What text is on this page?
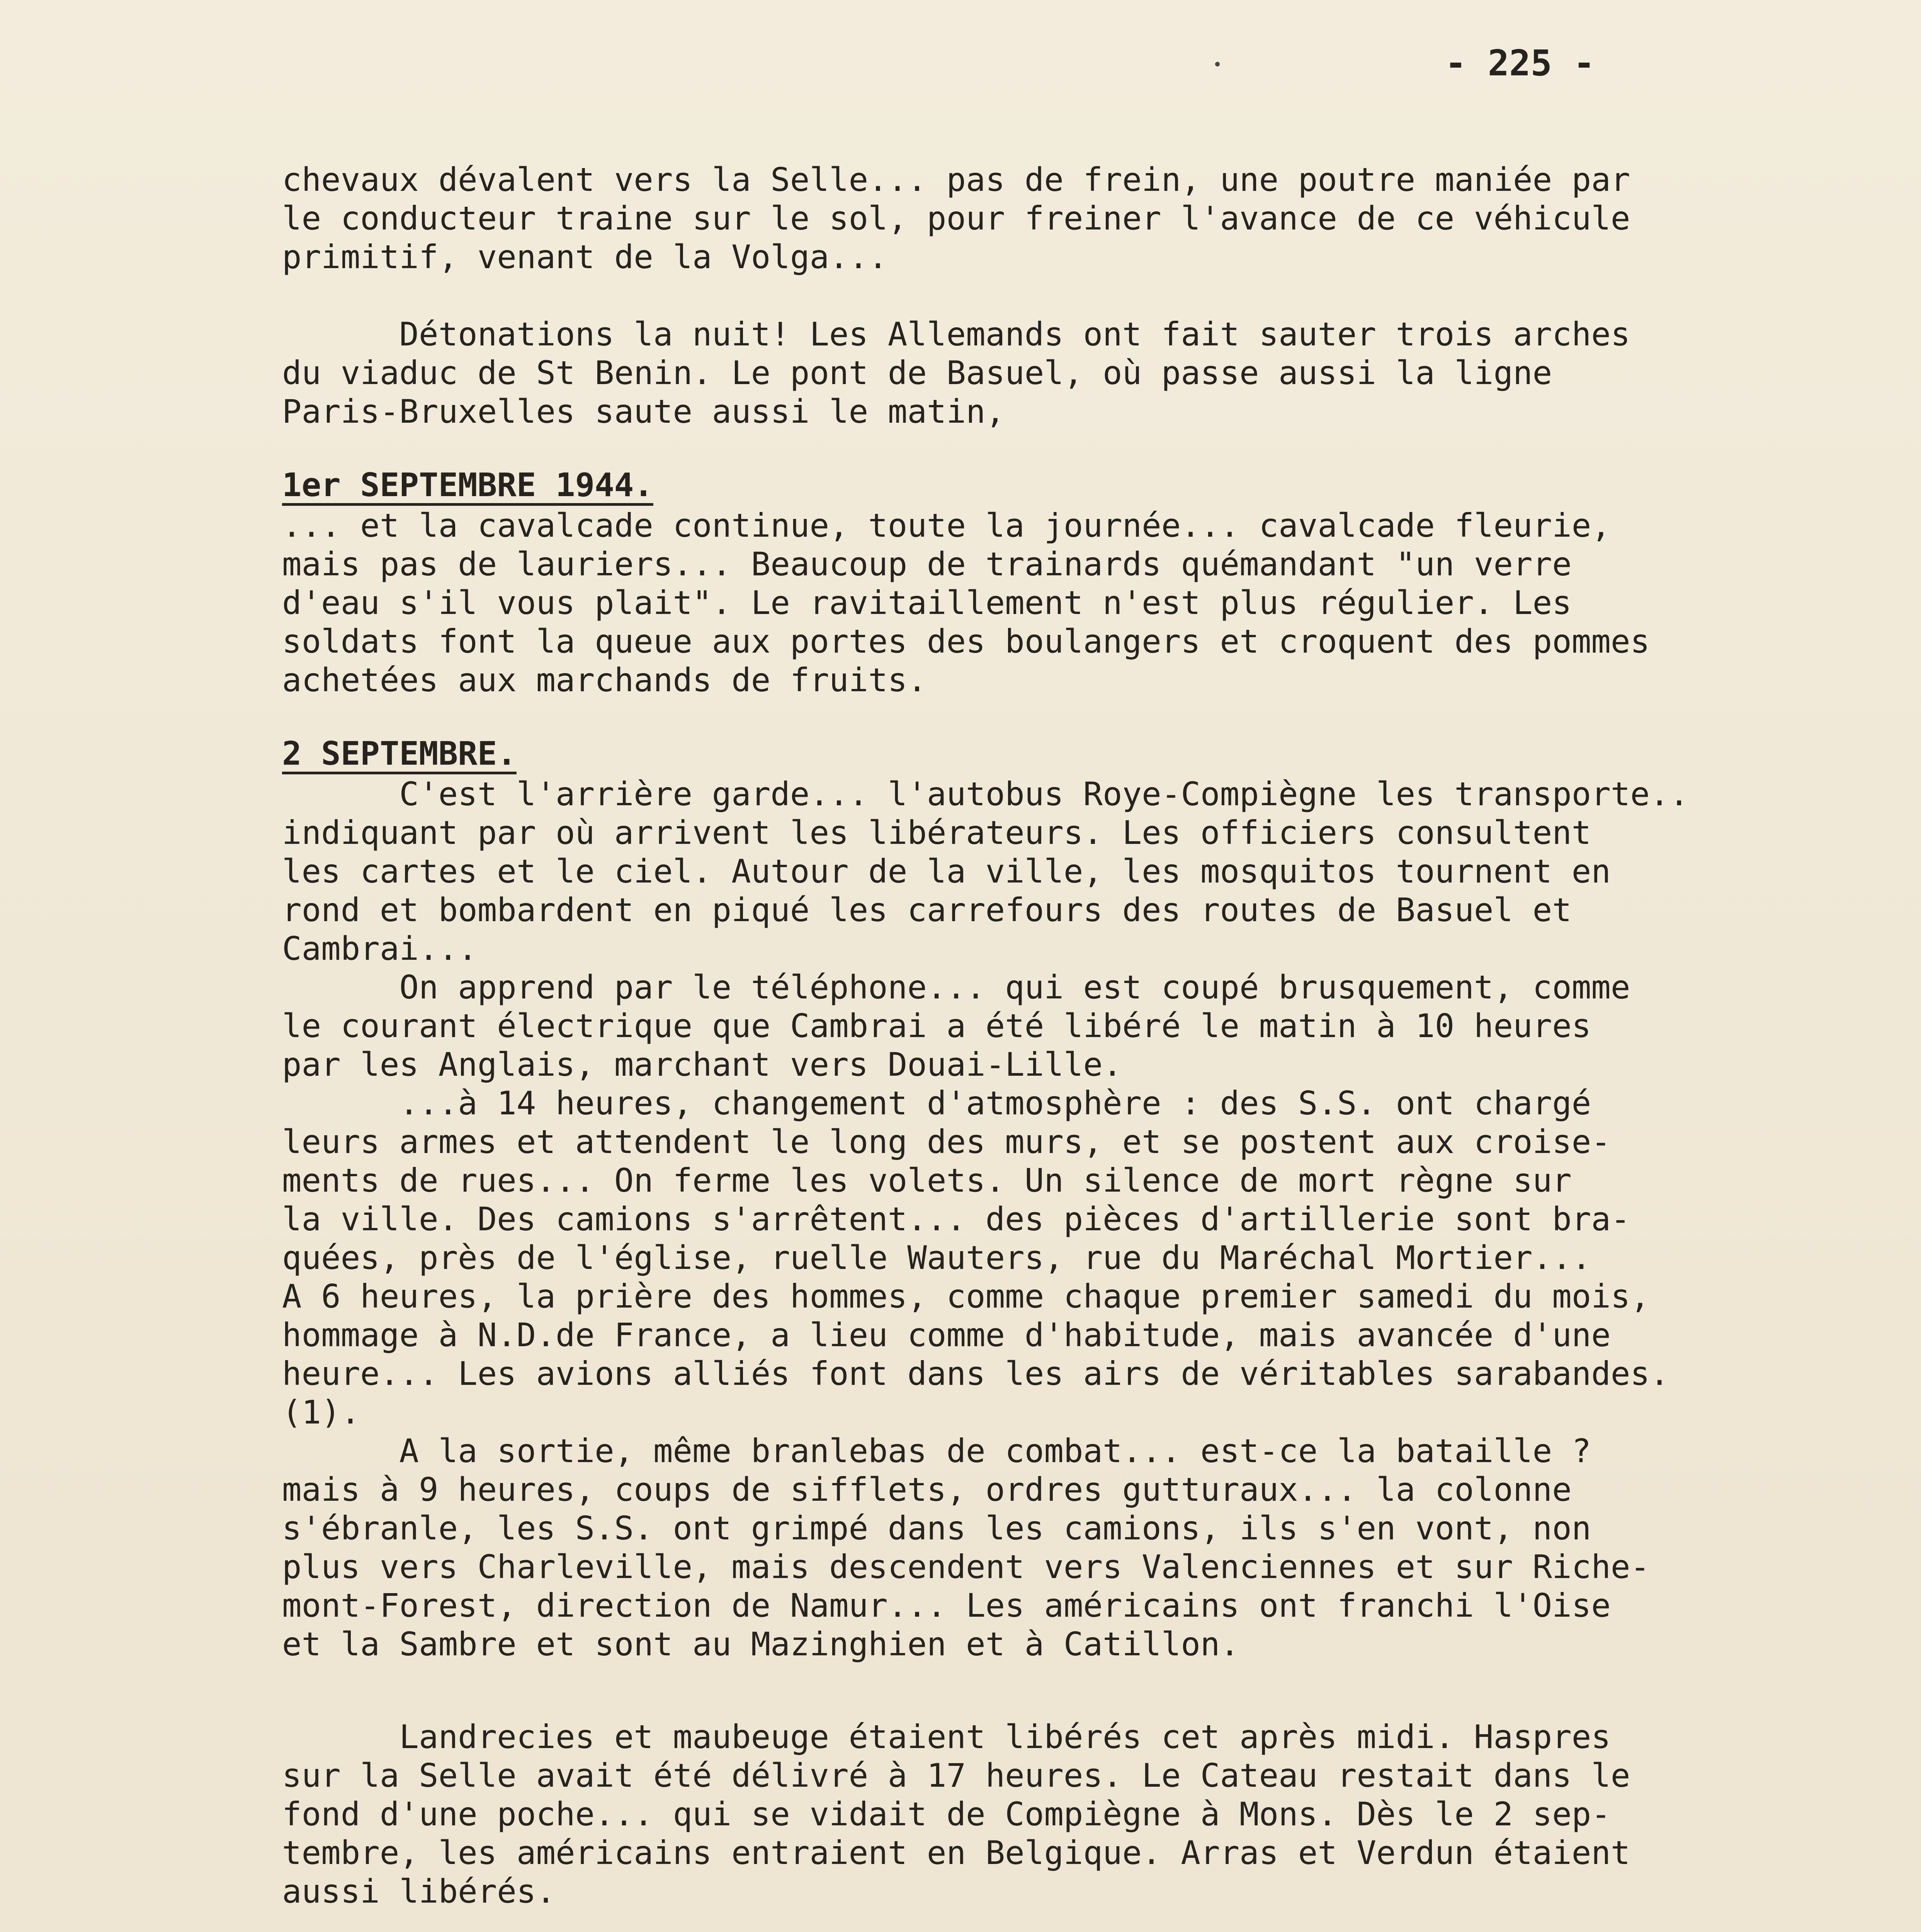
- 225 -
chevaux dévalent vers la Selle... pas de frein, une poutre maniée par
le conducteur traine sur le sol, pour freiner l'avance de ce véhicule
primitif, venant de la Volga...
Détonations la nuit! Les Allemands ont fait sauter trois arches
du viaduc de St Benin. Le pont de Basuel, où passe aussi la ligne
Paris-Bruxelles saute aussi le matin,
1er SEPTEMBRE 1944.
... et la cavalcade continue, toute la journée... cavalcade fleurie,
mais pas de lauriers... Beaucoup de trainards quémandant "un verre
d'eau s'il vous plait". Le ravitaillement n'est plus régulier. Les
soldats font la queue aux portes des boulangers et croquent des pommes
achetées aux marchands de fruits.
2 SEPTEMBRE.
C'est l'arrière garde... l'autobus Roye-Compiègne les transporte..
indiquant par où arrivent les libérateurs. Les officiers consultent
les cartes et le ciel. Autour de la ville, les mosquitos tournent en
rond et bombardent en piqué les carrefours des routes de Basuel et
Cambrai...
On apprend par le téléphone... qui est coupé brusquement, comme
le courant électrique que Cambrai a été libéré le matin à 10 heures
par les Anglais, marchant vers Douai-Lille.
...à 14 heures, changement d'atmosphère : des S.S. ont chargé
leurs armes et attendent le long des murs, et se postent aux croise-
ments de rues... On ferme les volets. Un silence de mort règne sur
la ville. Des camions s'arrêtent... des pièces d'artillerie sont bra-
quées, près de l'église, ruelle Wauters, rue du Maréchal Mortier...
A 6 heures, la prière des hommes, comme chaque premier samedi du mois,
hommage à N.D.de France, a lieu comme d'habitude, mais avancée d'une
heure... Les avions alliés font dans les airs de véritables sarabandes.
(1).
A la sortie, même branlebas de combat... est-ce la bataille ?
mais à 9 heures, coups de sifflets, ordres gutturaux... la colonne
s'ébranle, les S.S. ont grimpé dans les camions, ils s'en vont, non
plus vers Charleville, mais descendent vers Valenciennes et sur Riche-
mont-Forest, direction de Namur... Les américains ont franchi l'Oise
et la Sambre et sont au Mazinghien et à Catillon.
Landrecies et maubeuge étaient libérés cet après midi. Haspres
sur la Selle avait été délivré à 17 heures. Le Cateau restait dans le
fond d'une poche... qui se vidait de Compiègne à Mons. Dès le 2 sep-
tembre, les américains entraient en Belgique. Arras et Verdun étaient
aussi libérés.
